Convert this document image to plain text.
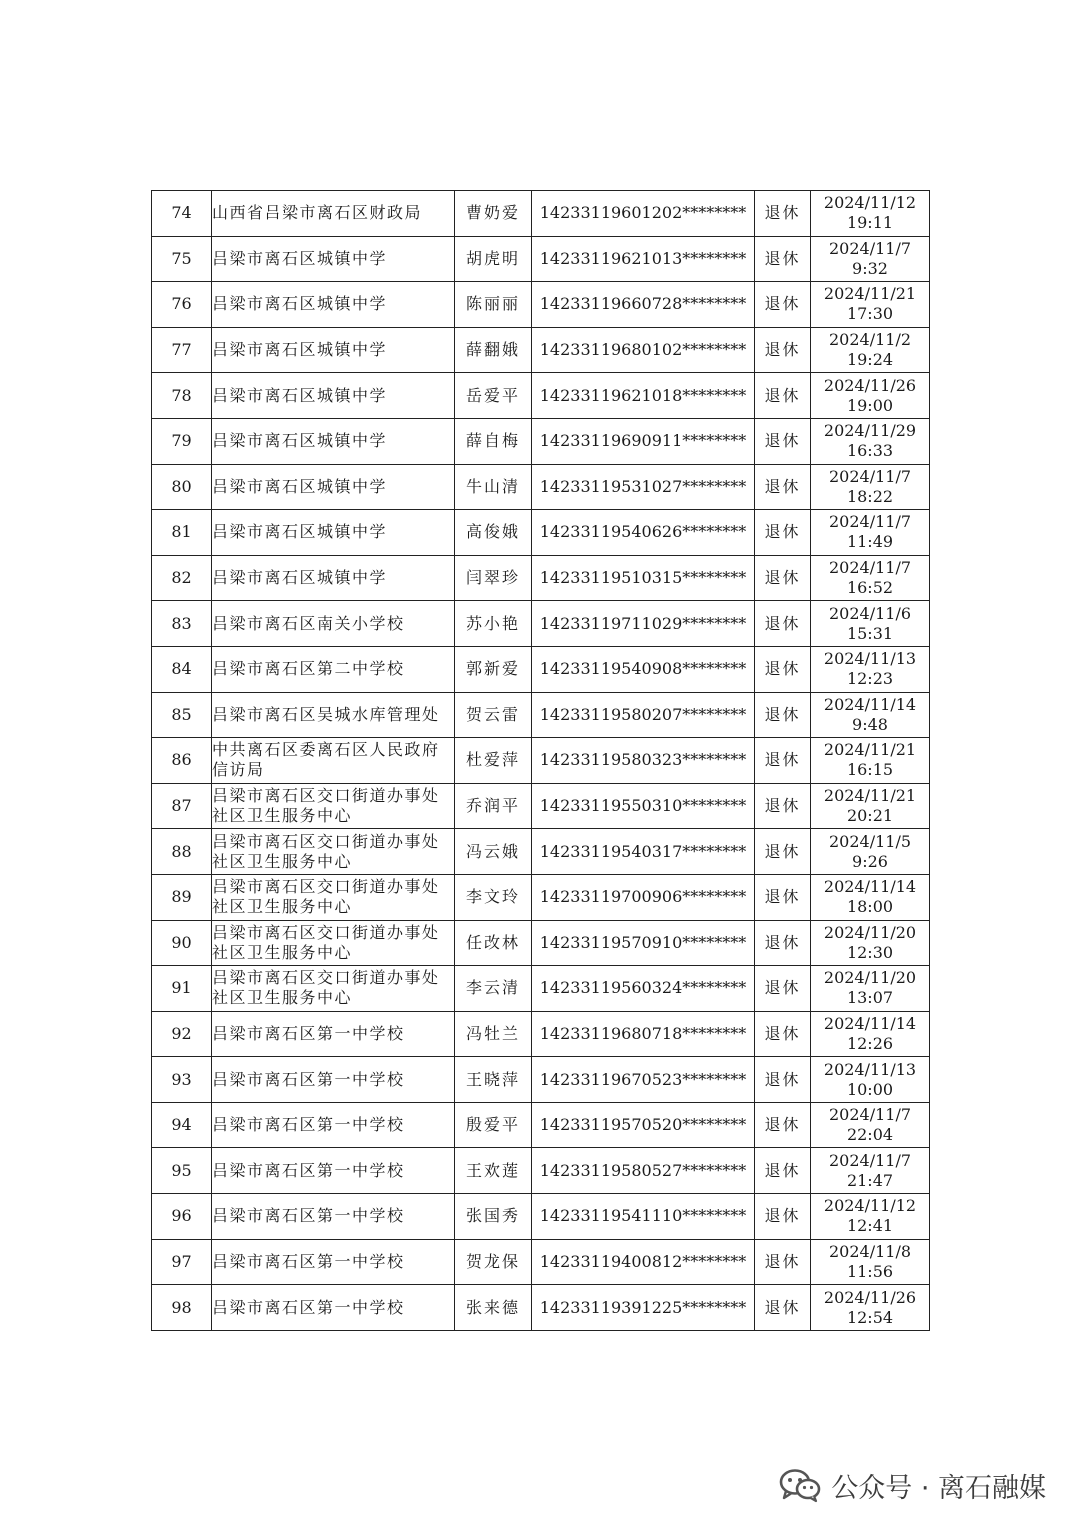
74	山西省吕梁市离石区财政局	曹奶爱	14233119601202********	退休	2024/11/12
19:11

75	吕梁市离石区城镇中学	胡虎明	14233119621013********	退休	2024/11/7
9:32

76	吕梁市离石区城镇中学	陈丽丽	14233119660728********	退休	2024/11/21
17:30

77	吕梁市离石区城镇中学	薛翻娥	14233119680102********	退休	2024/11/2
19:24

78	吕梁市离石区城镇中学	岳爱平	14233119621018********	退休	2024/11/26
19:00

79	吕梁市离石区城镇中学	薛自梅	14233119690911********	退休	2024/11/29
16:33

80	吕梁市离石区城镇中学	牛山清	14233119531027********	退休	2024/11/7
18:22

81	吕梁市离石区城镇中学	高俊娥	14233119540626********	退休	2024/11/7
11:49

82	吕梁市离石区城镇中学	闫翠珍	14233119510315********	退休	2024/11/7
16:52

83	吕梁市离石区南关小学校	苏小艳	14233119711029********	退休	2024/11/6
15:31

84	吕梁市离石区第二中学校	郭新爱	14233119540908********	退休	2024/11/13
12:23

85	吕梁市离石区吴城水库管理处	贺云雷	14233119580207********	退休	2024/11/14
9:48

86	中共离石区委离石区人民政府信访局	杜爱萍	14233119580323********	退休	2024/11/21
16:15

87	吕梁市离石区交口街道办事处社区卫生服务中心	乔润平	14233119550310********	退休	2024/11/21
20:21

88	吕梁市离石区交口街道办事处社区卫生服务中心	冯云娥	14233119540317********	退休	2024/11/5
9:26

89	吕梁市离石区交口街道办事处社区卫生服务中心	李文玲	14233119700906********	退休	2024/11/14
18:00

90	吕梁市离石区交口街道办事处社区卫生服务中心	任改林	14233119570910********	退休	2024/11/20
12:30

91	吕梁市离石区交口街道办事处社区卫生服务中心	李云清	14233119560324********	退休	2024/11/20
13:07

92	吕梁市离石区第一中学校	冯牡兰	14233119680718********	退休	2024/11/14
12:26

93	吕梁市离石区第一中学校	王晓萍	14233119670523********	退休	2024/11/13
10:00

94	吕梁市离石区第一中学校	殷爱平	14233119570520********	退休	2024/11/7
22:04

95	吕梁市离石区第一中学校	王欢莲	14233119580527********	退休	2024/11/7
21:47

96	吕梁市离石区第一中学校	张国秀	14233119541110********	退休	2024/11/12
12:41

97	吕梁市离石区第一中学校	贺龙保	14233119400812********	退休	2024/11/8
11:56

98	吕梁市离石区第一中学校	张来德	14233119391225********	退休	2024/11/26
12:54
公众号 · 离石融媒
